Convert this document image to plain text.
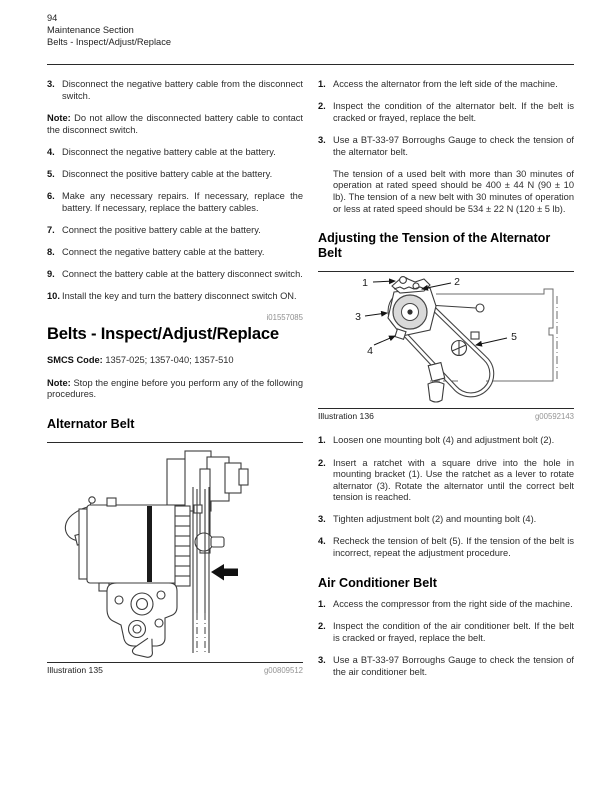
94
Maintenance Section
Belts - Inspect/Adjust/Replace
3. Disconnect the negative battery cable from the disconnect switch.
Note: Do not allow the disconnected battery cable to contact the disconnect switch.
4. Disconnect the negative battery cable at the battery.
5. Disconnect the positive battery cable at the battery.
6. Make any necessary repairs. If necessary, replace the battery. If necessary, replace the battery cables.
7. Connect the positive battery cable at the battery.
8. Connect the negative battery cable at the battery.
9. Connect the battery cable at the battery disconnect switch.
10. Install the key and turn the battery disconnect switch ON.
i01557085
Belts - Inspect/Adjust/Replace
SMCS Code: 1357-025; 1357-040; 1357-510
Note: Stop the engine before you perform any of the following procedures.
Alternator Belt
Illustration 135	g00809512
1. Access the alternator from the left side of the machine.
2. Inspect the condition of the alternator belt. If the belt is cracked or frayed, replace the belt.
3. Use a BT-33-97 Borroughs Gauge to check the tension of the alternator belt.
The tension of a used belt with more than 30 minutes of operation at rated speed should be 400 ± 44 N (90 ± 10 lb). The tension of a new belt with 30 minutes of operation or less at rated speed should be 534 ± 22 N (120 ± 5 lb).
Adjusting the Tension of the Alternator Belt
1	2
3
4
5
Illustration 136	g00592143
1. Loosen one mounting bolt (4) and adjustment bolt (2).
2. Insert a ratchet with a square drive into the hole in mounting bracket (1). Use the ratchet as a lever to rotate alternator (3). Rotate the alternator until the correct belt tension is reached.
3. Tighten adjustment bolt (2) and mounting bolt (4).
4. Recheck the tension of belt (5). If the tension of the belt is incorrect, repeat the adjustment procedure.
Air Conditioner Belt
1. Access the compressor from the right side of the machine.
2. Inspect the condition of the air conditioner belt. If the belt is cracked or frayed, replace the belt.
3. Use a BT-33-97 Borroughs Gauge to check the tension of the air conditioner belt.
